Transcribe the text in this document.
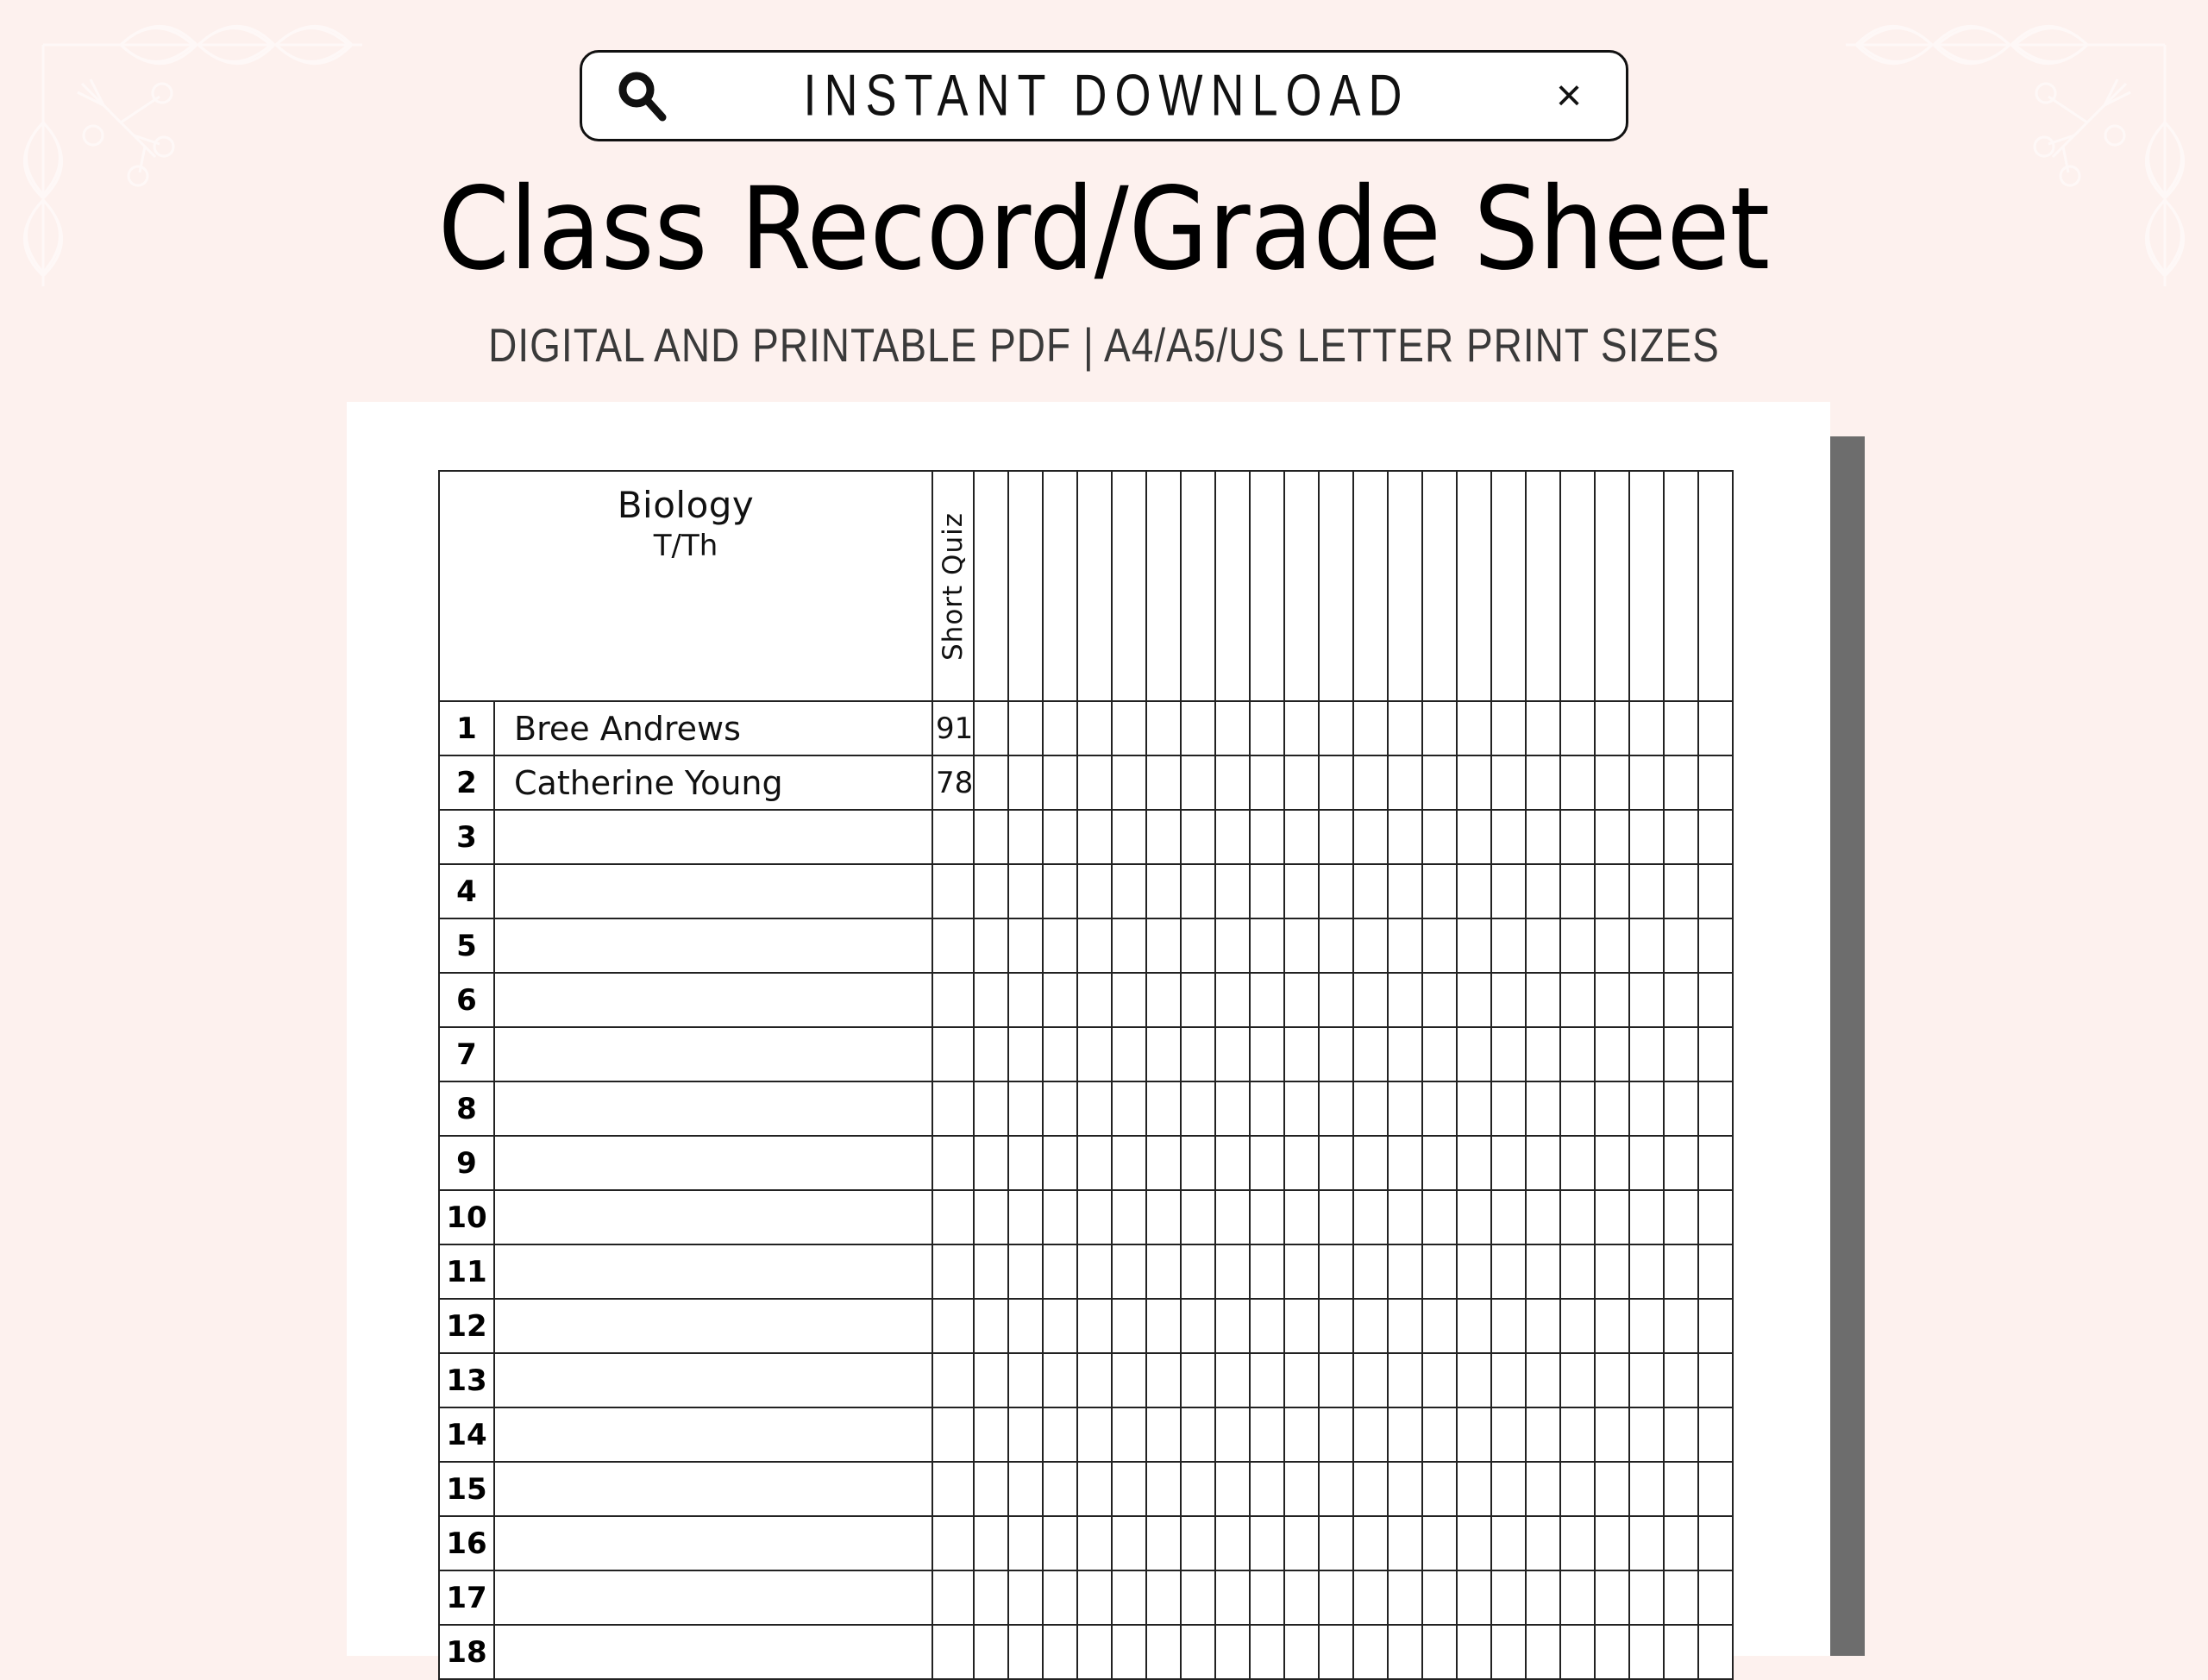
INSTANT DOWNLOAD	×
Class Record/Grade Sheet
DIGITAL AND PRINTABLE PDF | A4/A5/US LETTER PRINT SIZES
Biology
T/Th		Short Quiz																						

1	Bree Andrews	91																						
2	Catherine Young	78																						
3																								
4																								
5																								
6																								
7																								
8																								
9																								
10																								
11																								
12																								
13																								
14																								
15																								
16																								
17																								
18																								
